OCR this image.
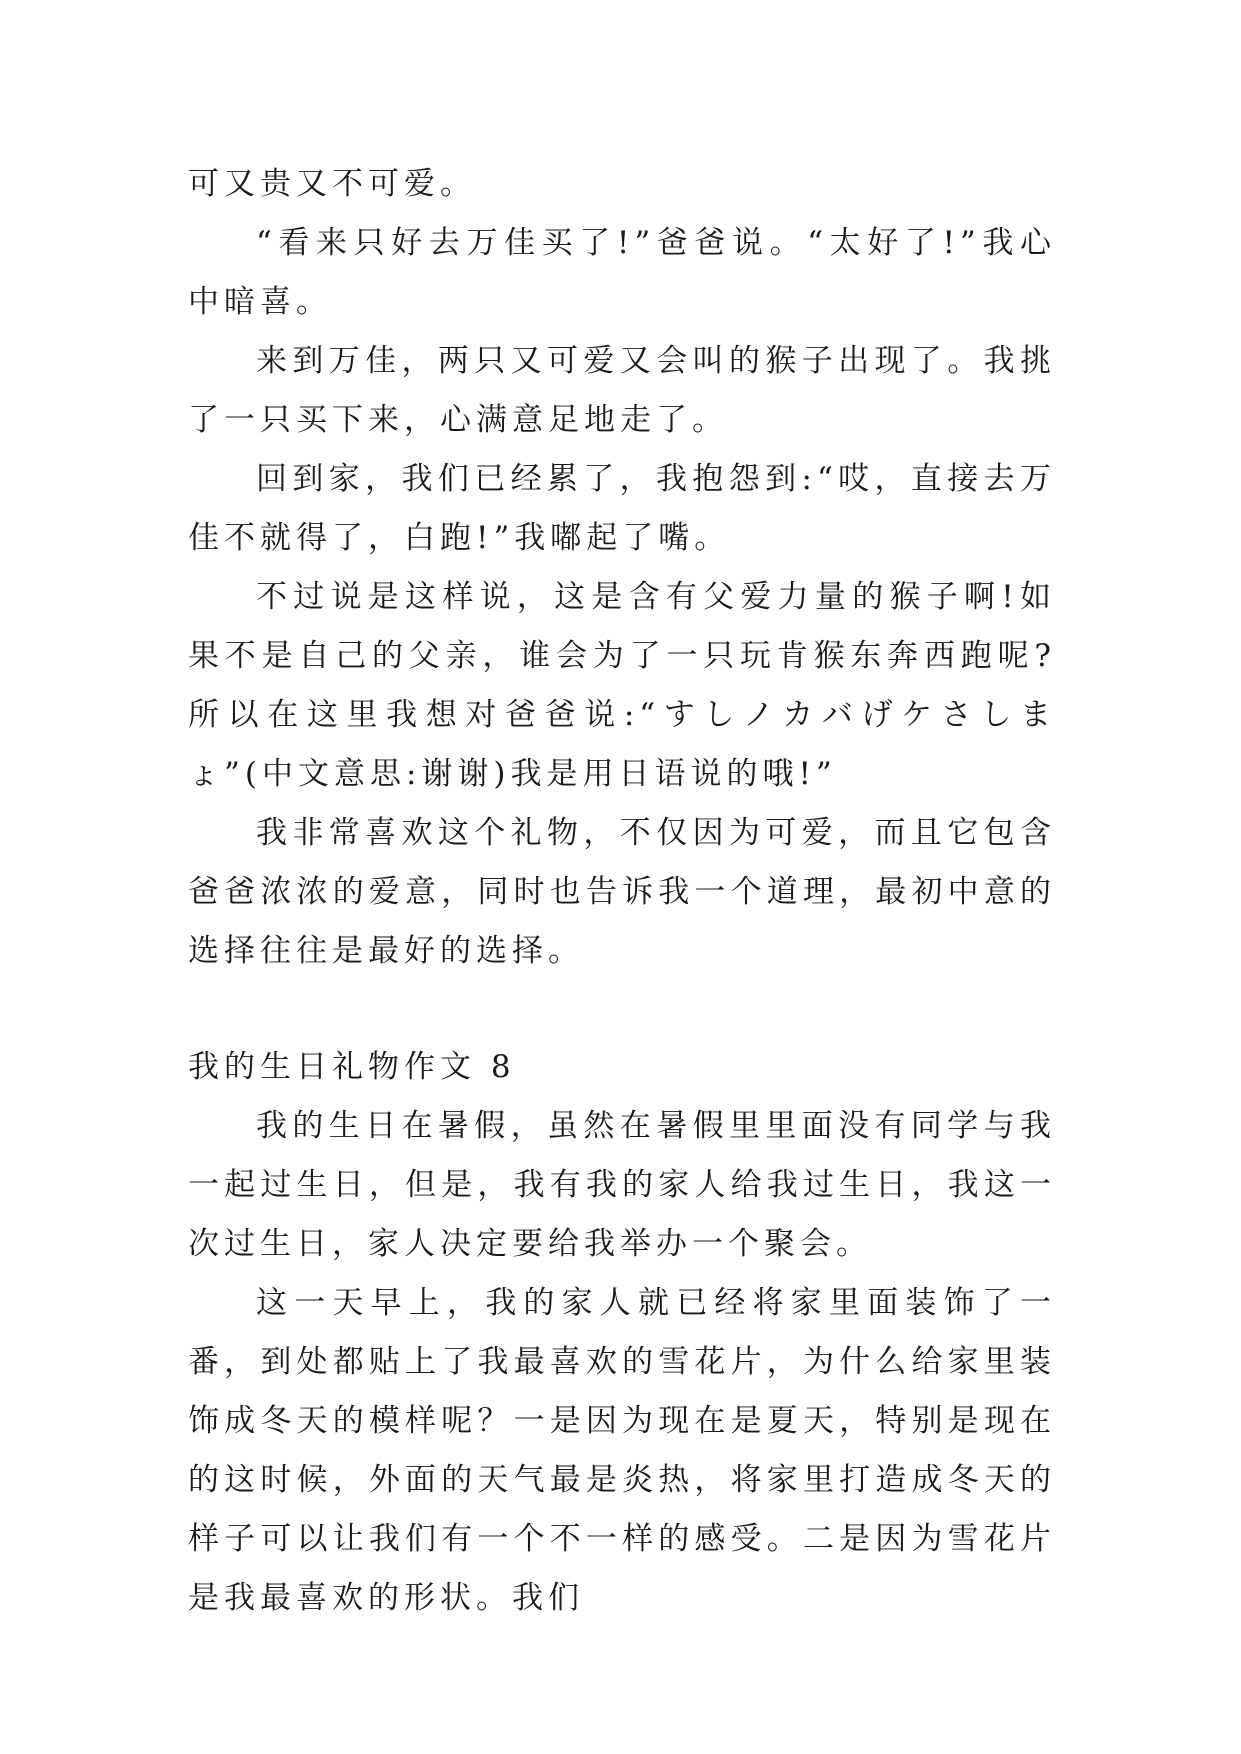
可又贵又不可爱。

“看来只好去万佳买了!”爸爸说。“太好了!”我心中暗喜。

来到万佳，两只又可爱又会叫的猴子出现了。我挑了一只买下来，心满意足地走了。

回到家，我们已经累了，我抱怨到:“哎，直接去万佳不就得了，白跑!”我嘟起了嘴。

不过说是这样说，这是含有父爱力量的猴子啊!如果不是自己的父亲，谁会为了一只玩肯猴东奔西跑呢?所以在这里我想对爸爸说:“すしノカバげケさしまょ”(中文意思:谢谢)我是用日语说的哦!”

我非常喜欢这个礼物，不仅因为可爱，而且它包含爸爸浓浓的爱意，同时也告诉我一个道理，最初中意的选择往往是最好的选择。

我的生日礼物作文 8

我的生日在暑假，虽然在暑假里里面没有同学与我一起过生日，但是，我有我的家人给我过生日，我这一次过生日，家人决定要给我举办一个聚会。

这一天早上，我的家人就已经将家里面装饰了一番，到处都贴上了我最喜欢的雪花片，为什么给家里装饰成冬天的模样呢？一是因为现在是夏天，特别是现在的这时候，外面的天气最是炎热，将家里打造成冬天的样子可以让我们有一个不一样的感受。二是因为雪花片是我最喜欢的形状。我们
